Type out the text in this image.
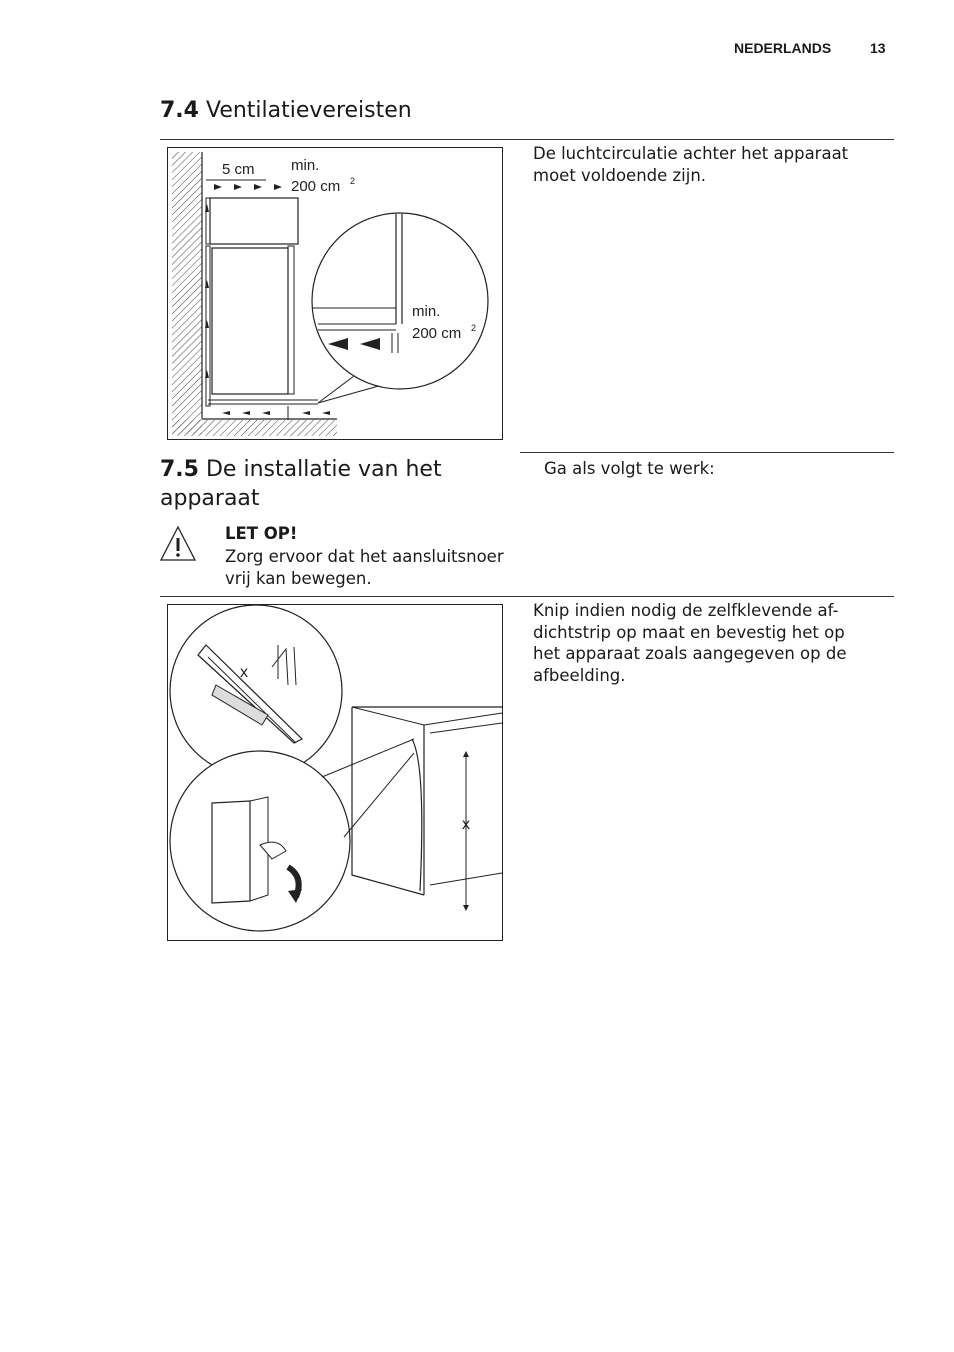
NEDERLANDS	13
7.4 Ventilatievereisten
5 cm min.
200 cm 2
min.
200 cm 2
De luchtcirculatie achter het apparaat moet voldoende zijn.
7.5 De installatie van het
apparaat
Ga als volgt te werk:
LET OP!
Zorg ervoor dat het aansluitsnoer vrij kan bewegen.
x
x
Knip indien nodig de zelfklevende af-dichtstrip op maat en bevestig het op het apparaat zoals aangegeven op de afbeelding.
